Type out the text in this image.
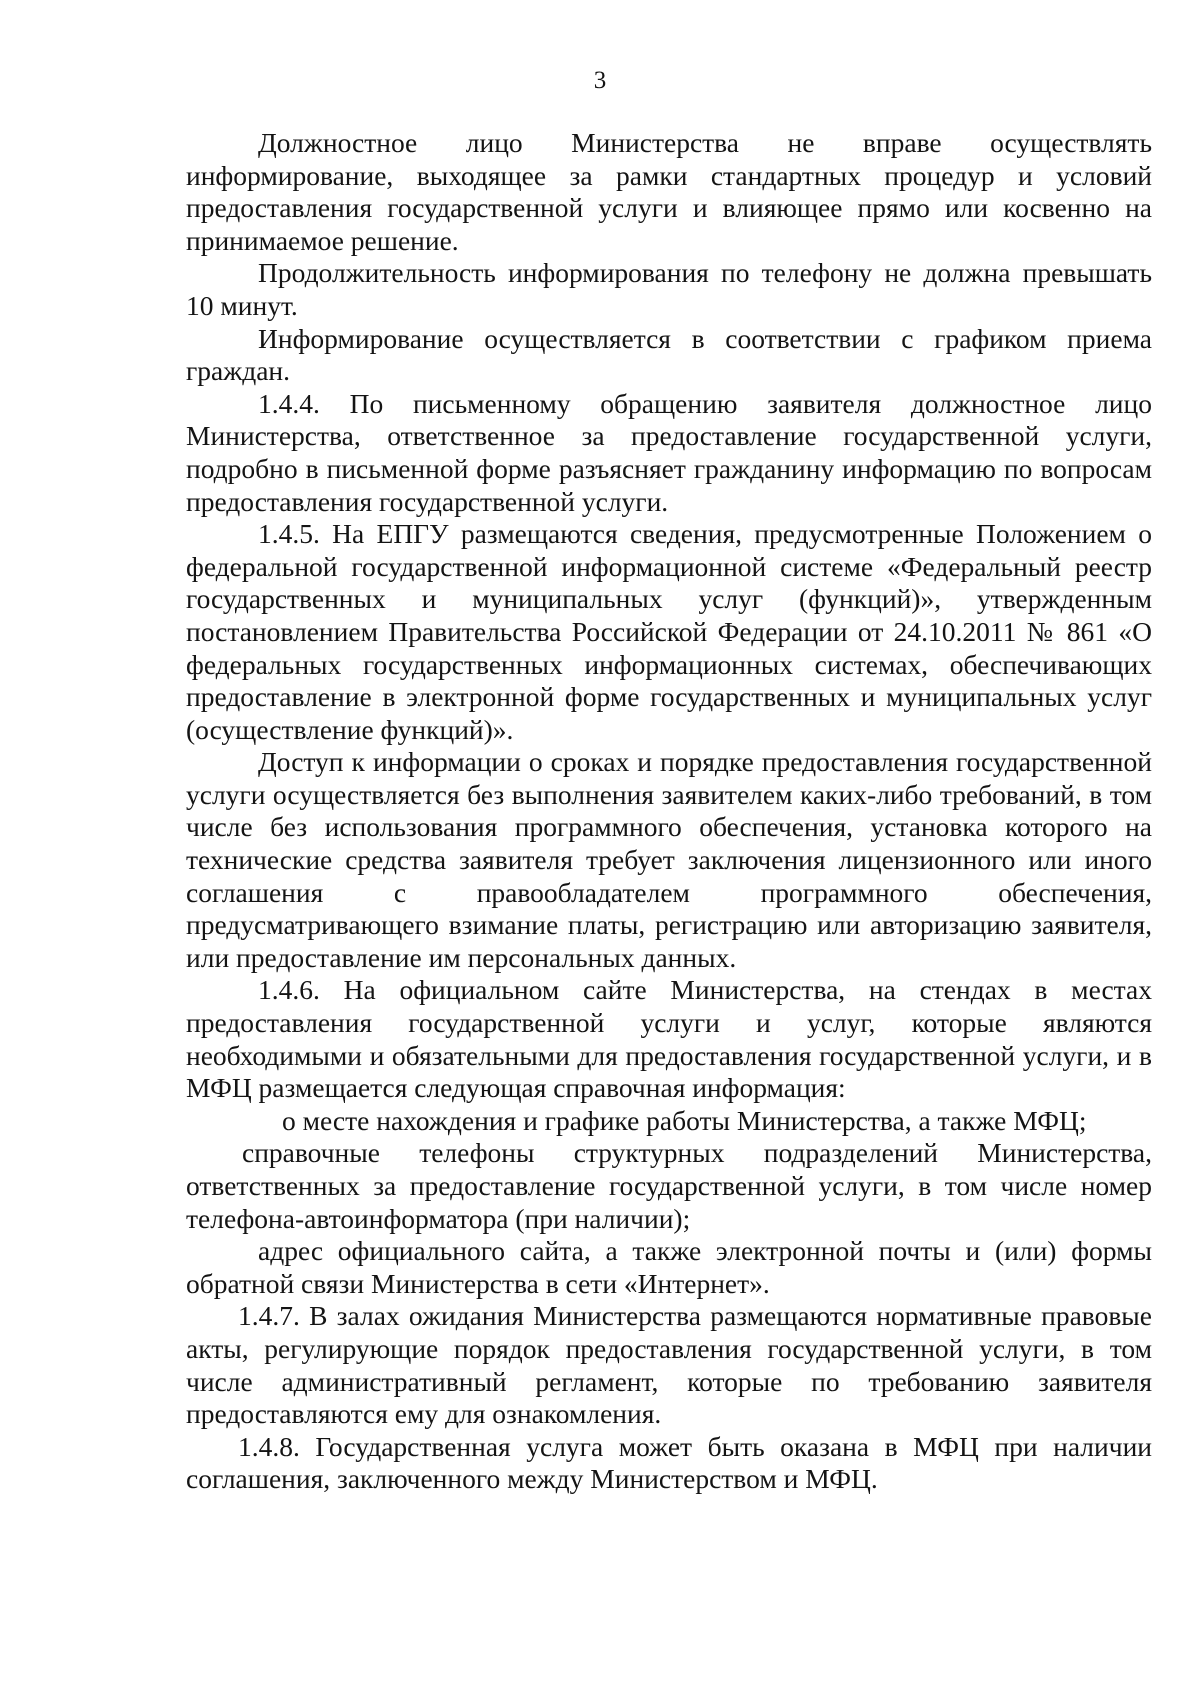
3

Должностное лицо Министерства не вправе осуществлять информирование, выходящее за рамки стандартных процедур и условий предоставления государственной услуги и влияющее прямо или косвенно на принимаемое решение.

Продолжительность информирования по телефону не должна превышать 10 минут.

Информирование осуществляется в соответствии с графиком приема граждан.

1.4.4. По письменному обращению заявителя должностное лицо Министерства, ответственное за предоставление государственной услуги, подробно в письменной форме разъясняет гражданину информацию по вопросам предоставления государственной услуги.

1.4.5. На ЕПГУ размещаются сведения, предусмотренные Положением о федеральной государственной информационной системе «Федеральный реестр государственных и муниципальных услуг (функций)», утвержденным постановлением Правительства Российской Федерации от 24.10.2011 № 861 «О федеральных государственных информационных системах, обеспечивающих предоставление в электронной форме государственных и муниципальных услуг (осуществление функций)».

Доступ к информации о сроках и порядке предоставления государственной услуги осуществляется без выполнения заявителем каких-либо требований, в том числе без использования программного обеспечения, установка которого на технические средства заявителя требует заключения лицензионного или иного соглашения с правообладателем программного обеспечения, предусматривающего взимание платы, регистрацию или авторизацию заявителя, или предоставление им персональных данных.

1.4.6. На официальном сайте Министерства, на стендах в местах предоставления государственной услуги и услуг, которые являются необходимыми и обязательными для предоставления государственной услуги, и в МФЦ размещается следующая справочная информация:

о месте нахождения и графике работы Министерства, а также МФЦ;

справочные телефоны структурных подразделений Министерства, ответственных за предоставление государственной услуги, в том числе номер телефона-автоинформатора (при наличии);

адрес официального сайта, а также электронной почты и (или) формы обратной связи Министерства в сети «Интернет».

1.4.7. В залах ожидания Министерства размещаются нормативные правовые акты, регулирующие порядок предоставления государственной услуги, в том числе административный регламент, которые по требованию заявителя предоставляются ему для ознакомления.

1.4.8. Государственная услуга может быть оказана в МФЦ при наличии соглашения, заключенного между Министерством и МФЦ.
